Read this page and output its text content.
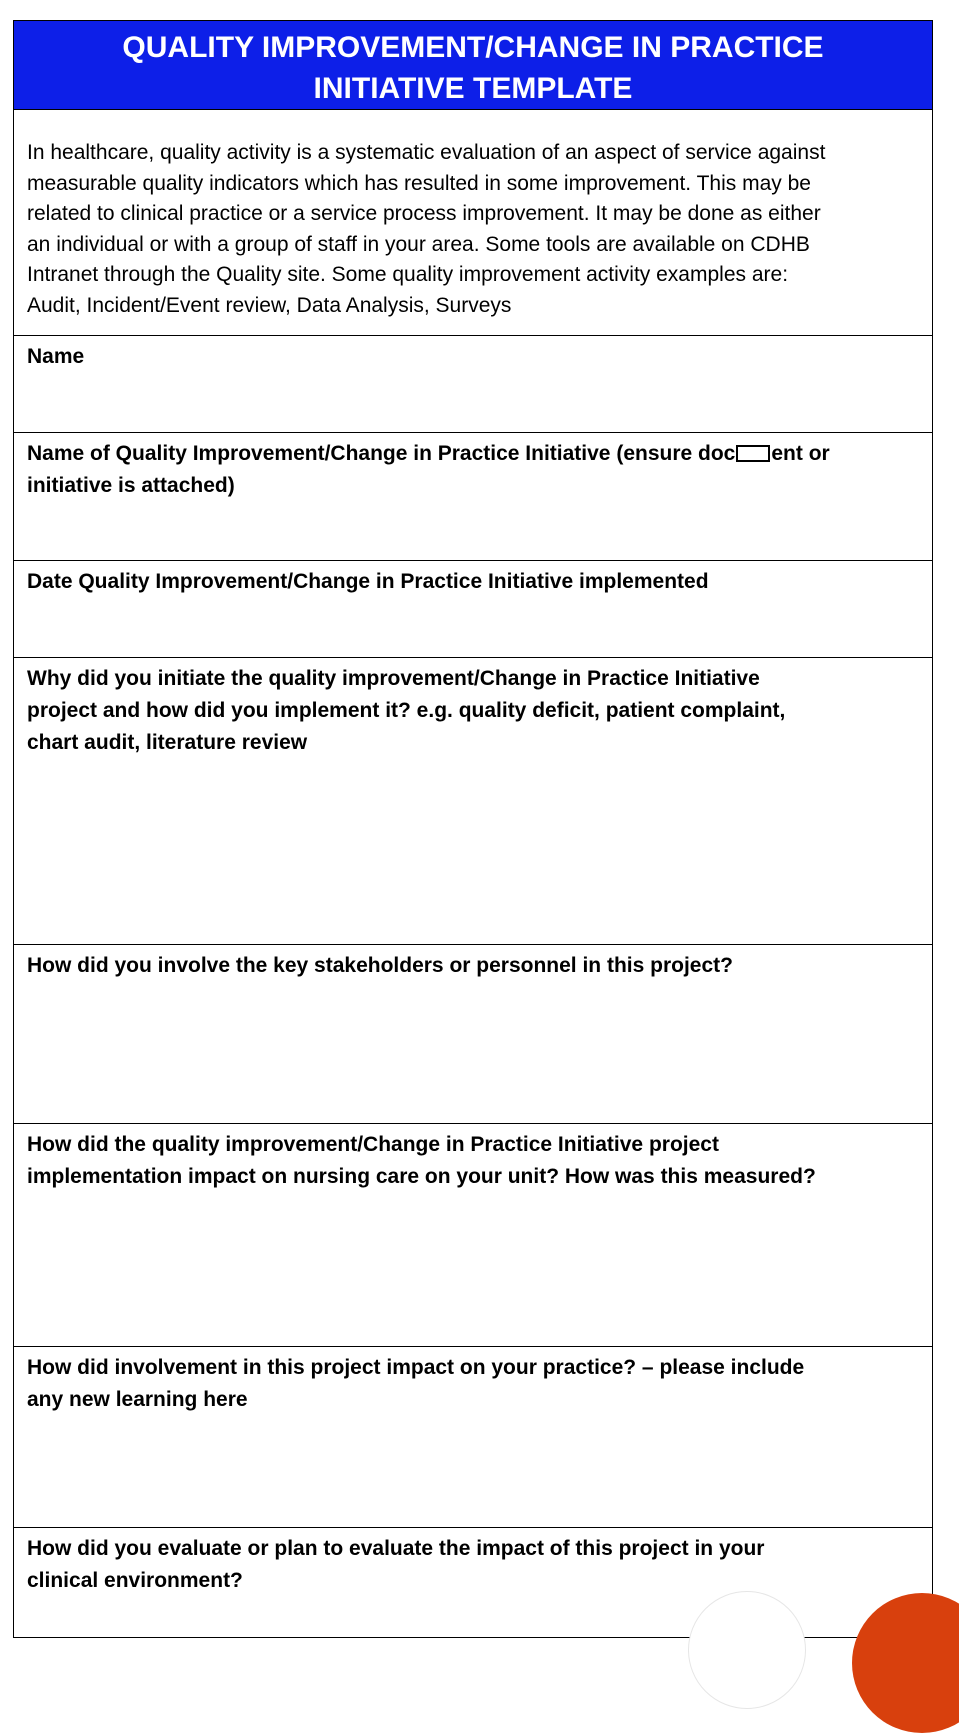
QUALITY IMPROVEMENT/CHANGE IN PRACTICE
INITIATIVE TEMPLATE

In healthcare, quality activity is a systematic evaluation of an aspect of service against
measurable quality indicators which has resulted in some improvement. This may be
related to clinical practice or a service process improvement. It may be done as either
an individual or with a group of staff in your area. Some tools are available on CDHB
Intranet through the Quality site. Some quality improvement activity examples are:
Audit, Incident/Event review, Data Analysis, Surveys

Name

Name of Quality Improvement/Change in Practice Initiative (ensure doc ent or
initiative is attached)

Date Quality Improvement/Change in Practice Initiative implemented

Why did you initiate the quality improvement/Change in Practice Initiative
project and how did you implement it? e.g. quality deficit, patient complaint,
chart audit, literature review

How did you involve the key stakeholders or personnel in this project?

How did the quality improvement/Change in Practice Initiative project
implementation impact on nursing care on your unit? How was this measured?

How did involvement in this project impact on your practice? – please include
any new learning here

How did you evaluate or plan to evaluate the impact of this project in your
clinical environment?
